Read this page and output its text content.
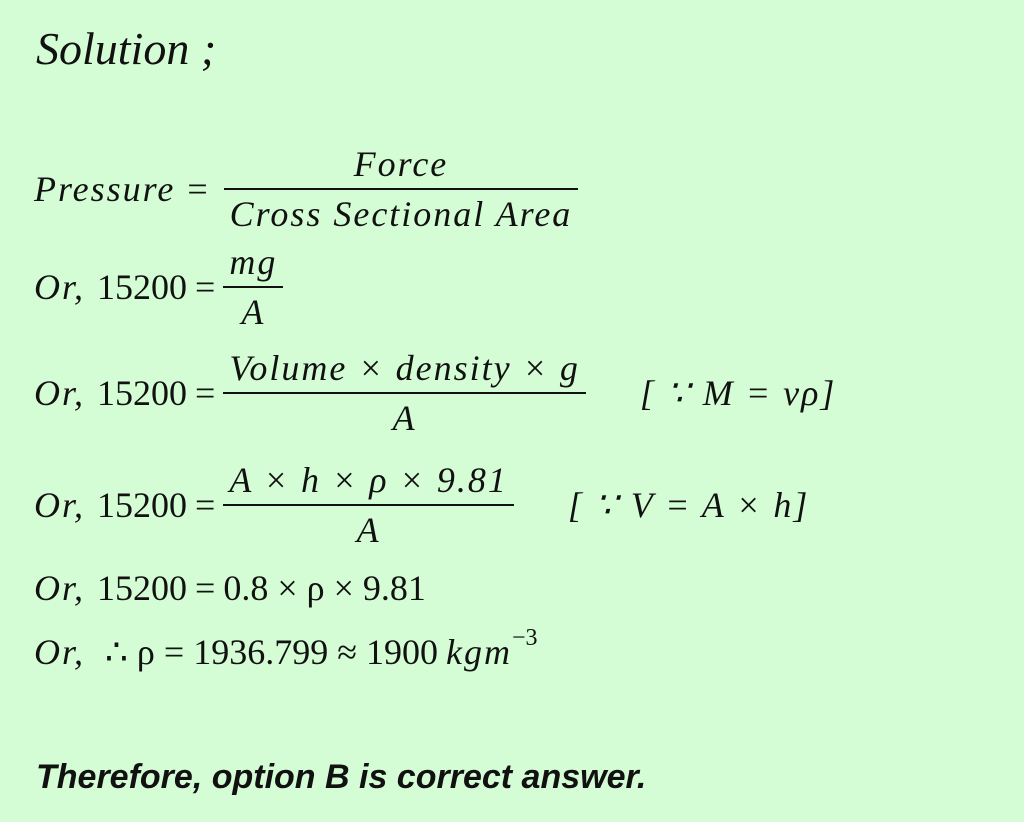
Solution ;
Pressure = $\frac{\text{Force}}{\text{Cross Sectional Area}}$
Or, $15200 = \frac{mg}{A}$
Or, $15200 = \frac{\text{Volume × density × g}}{A}$ [ ∵ M = vρ]
Or, $15200 = \frac{A \times h \times \rho \times 9.81}{A}$ [ ∵ V = A × h]
Or, 15200 = 0.8 × ρ × 9.81
Or, ∴ ρ = 1936.799 ≈ 1900 kgm −3
Therefore, option B is correct answer.
